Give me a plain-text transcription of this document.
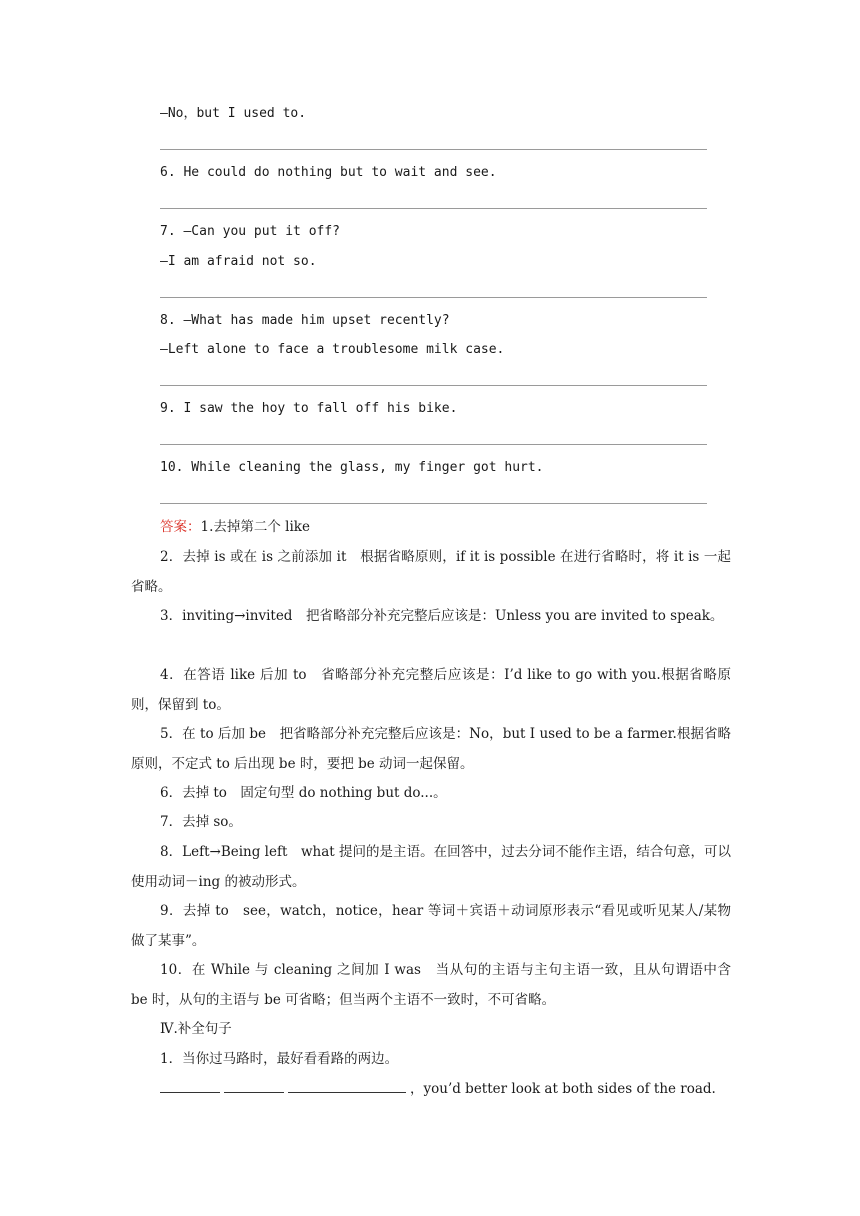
—No，but I used to.
6. He could do nothing but to wait and see.
7. —Can you put it off?
—I am afraid not so.
8. —What has made him upset recently?
—Left alone to face a troublesome milk case.
9. I saw the hoy to fall off his bike.
10. While cleaning the glass, my finger got hurt.
答案：1.去掉第二个 like
2．去掉 is 或在 is 之前添加 it　根据省略原则，if it is possible 在进行省略时，将 it is 一起省略。
3．inviting→invited　把省略部分补充完整后应该是：Unless you are invited to speak。
4．在答语 like 后加 to　省略部分补充完整后应该是：I’d like to go with you.根据省略原则，保留到 to。
5．在 to 后加 be　把省略部分补充完整后应该是：No，but I used to be a farmer.根据省略原则，不定式 to 后出现 be 时，要把 be 动词一起保留。
6．去掉 to　固定句型 do nothing but do...。
7．去掉 so。
8．Left→Being left　what 提问的是主语。在回答中，过去分词不能作主语，结合句意，可以使用动词－ing 的被动形式。
9．去掉 to　see，watch，notice，hear 等词＋宾语＋动词原形表示“看见或听见某人/某物做了某事”。
10．在 While 与 cleaning 之间加 I was　当从句的主语与主句主语一致，且从句谓语中含 be 时，从句的主语与 be 可省略；但当两个主语不一致时，不可省略。
Ⅳ.补全句子
1．当你过马路时，最好看看路的两边。
，you’d better look at both sides of the road.
